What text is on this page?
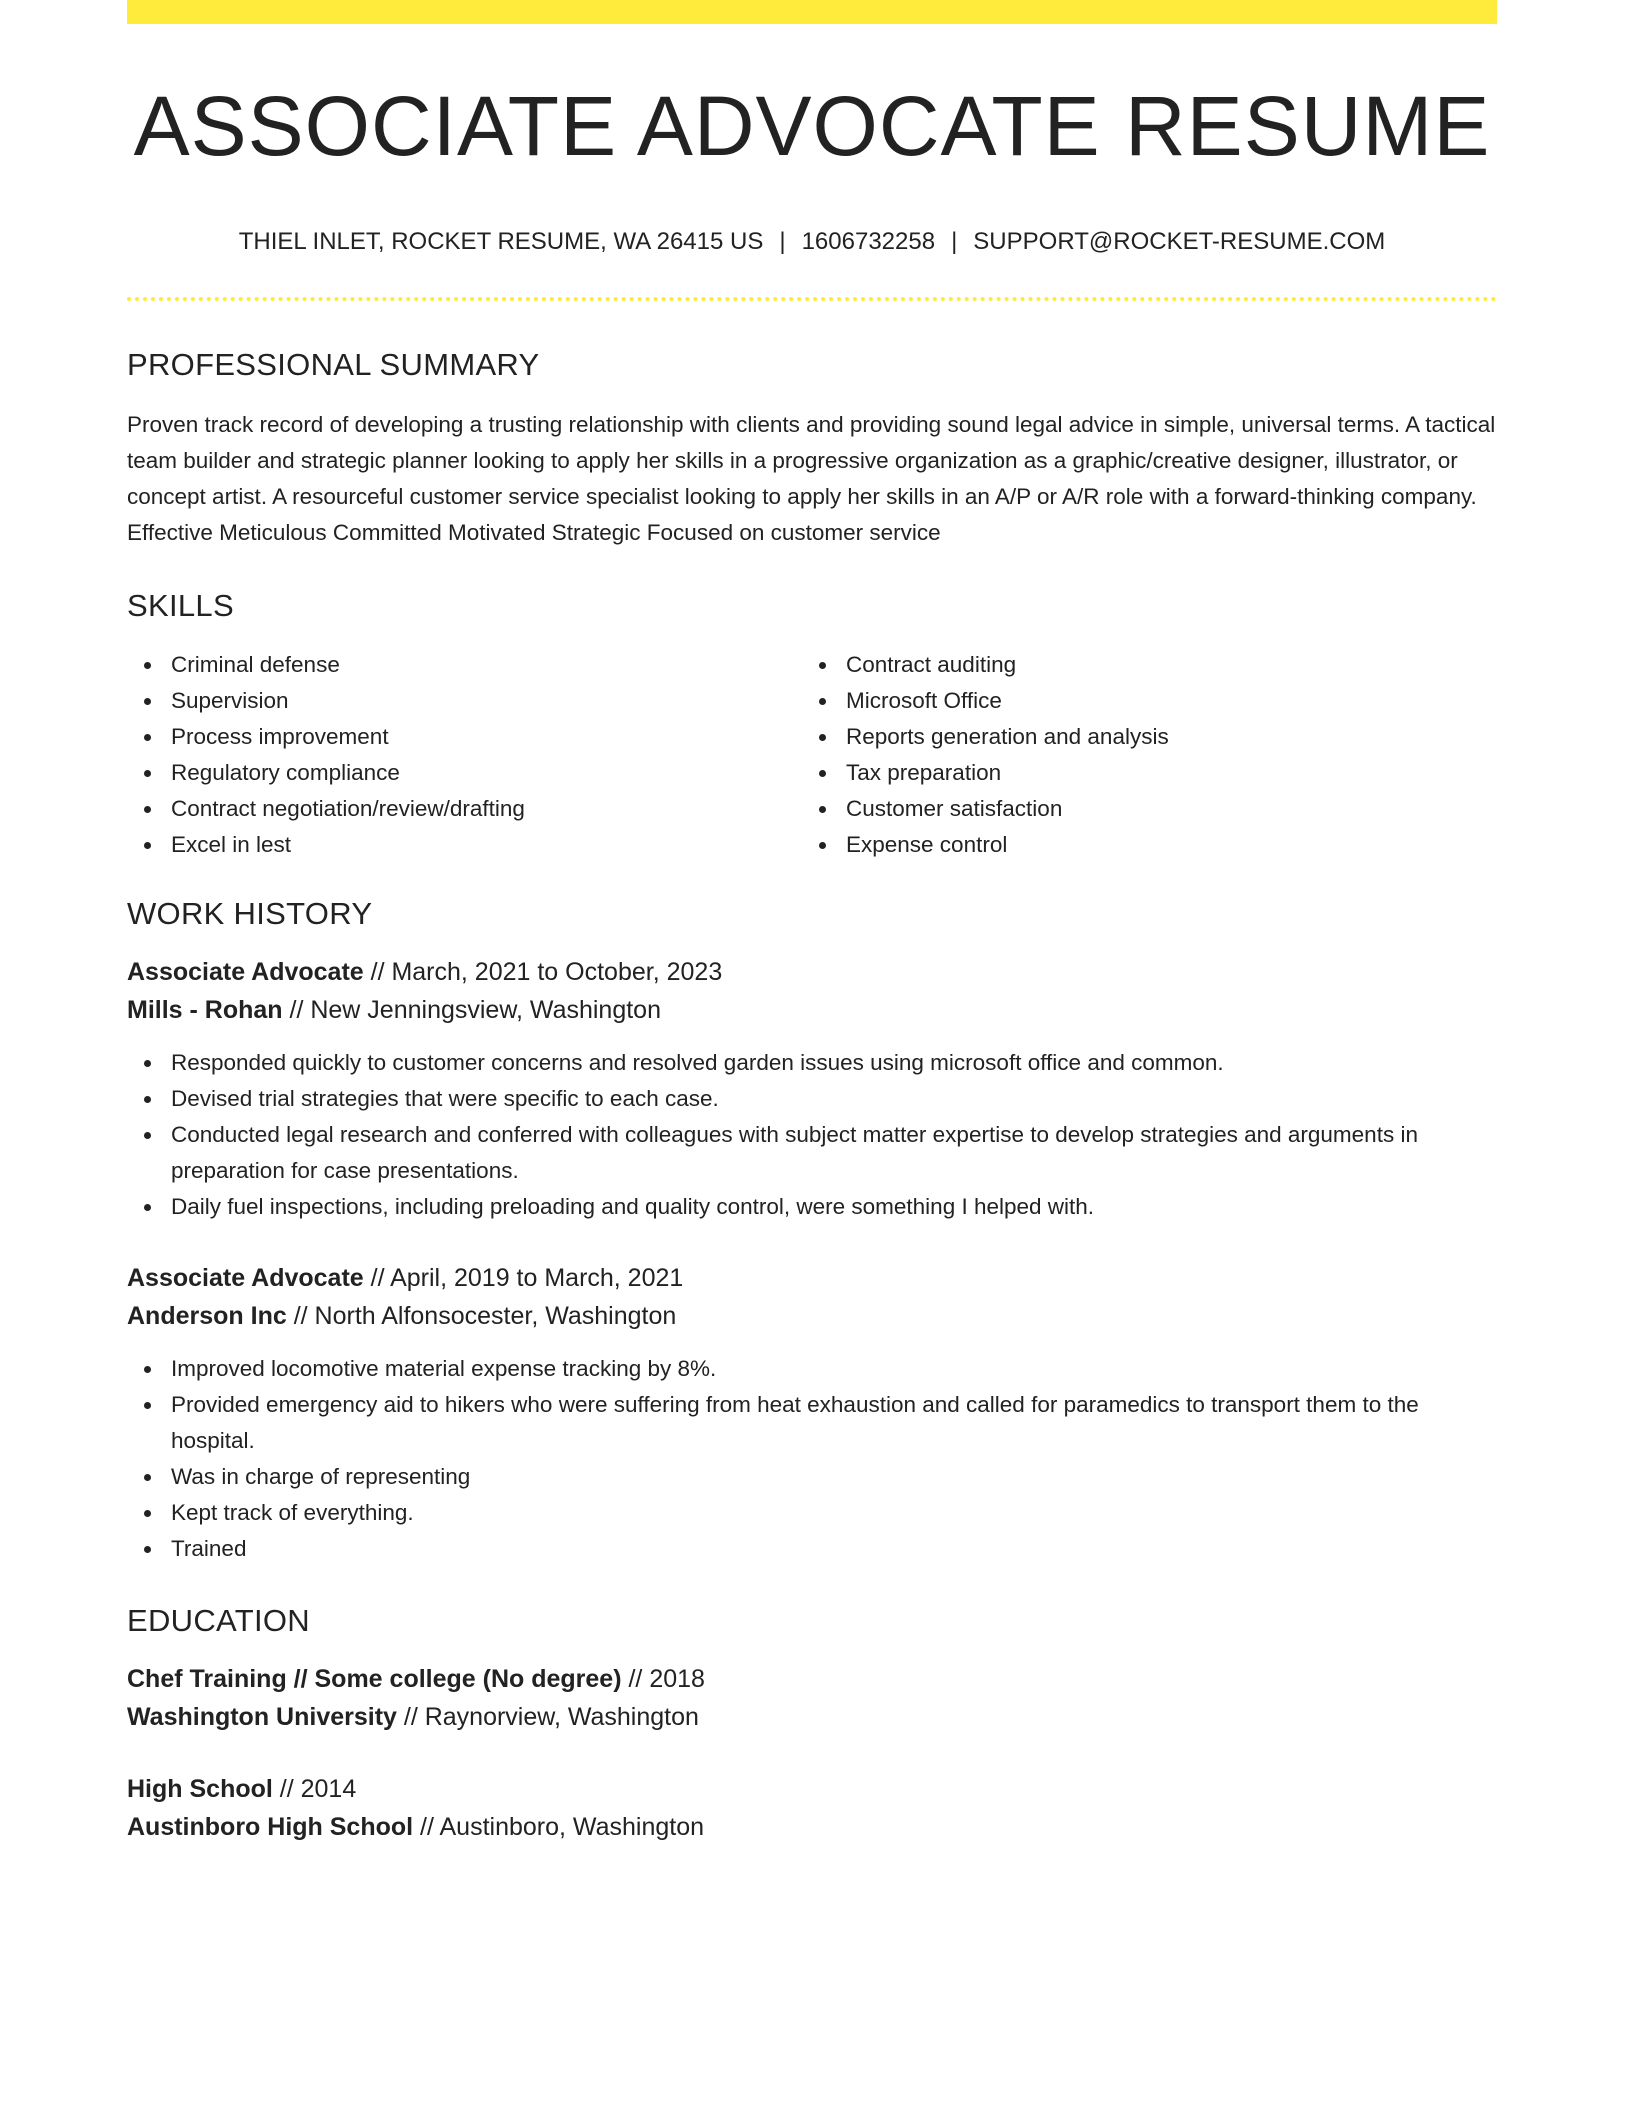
ASSOCIATE ADVOCATE RESUME
THIEL INLET, ROCKET RESUME, WA 26415 US | 1606732258 | SUPPORT@ROCKET-RESUME.COM
PROFESSIONAL SUMMARY

Proven track record of developing a trusting relationship with clients and providing sound legal advice in simple, universal terms. A tactical team builder and strategic planner looking to apply her skills in a progressive organization as a graphic/creative designer, illustrator, or concept artist. A resourceful customer service specialist looking to apply her skills in an A/P or A/R role with a forward-thinking company. Effective Meticulous Committed Motivated Strategic Focused on customer service

SKILLS
Criminal defense
Supervision
Process improvement
Regulatory compliance
Contract negotiation/review/drafting
Excel in lest
Contract auditing
Microsoft Office
Reports generation and analysis
Tax preparation
Customer satisfaction
Expense control
WORK HISTORY
Associate Advocate // March, 2021 to October, 2023
Mills - Rohan // New Jenningsview, Washington
Responded quickly to customer concerns and resolved garden issues using microsoft office and common.
Devised trial strategies that were specific to each case.
Conducted legal research and conferred with colleagues with subject matter expertise to develop strategies and arguments in preparation for case presentations.
Daily fuel inspections, including preloading and quality control, were something I helped with.
Associate Advocate // April, 2019 to March, 2021
Anderson Inc // North Alfonsocester, Washington
Improved locomotive material expense tracking by 8%.
Provided emergency aid to hikers who were suffering from heat exhaustion and called for paramedics to transport them to the hospital.
Was in charge of representing
Kept track of everything.
Trained
EDUCATION
Chef Training // Some college (No degree) // 2018
Washington University // Raynorview, Washington
High School // 2014
Austinboro High School // Austinboro, Washington
